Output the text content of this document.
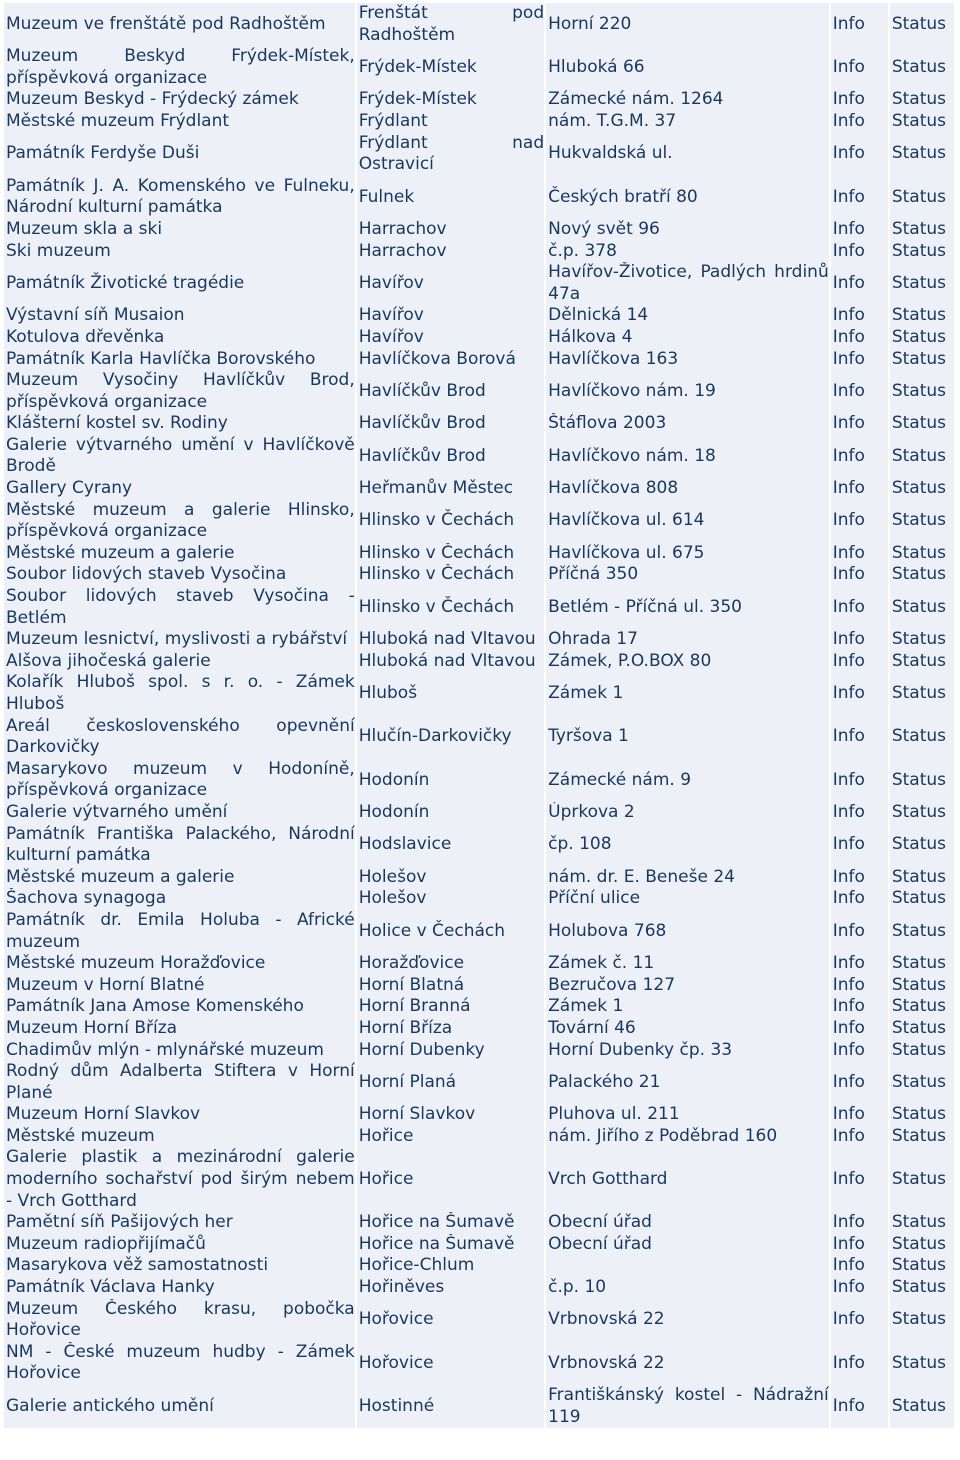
Muzeum ve frenštátě pod Radhoštěm	Frenštát pod Radhoštěm	Horní 220	Info	Status
Muzeum Beskyd Frýdek-Místek, příspěvková organizace	Frýdek-Místek	Hluboká 66	Info	Status
Muzeum Beskyd - Frýdecký zámek	Frýdek-Místek	Zámecké nám. 1264	Info	Status
Městské muzeum Frýdlant	Frýdlant	nám. T.G.M. 37	Info	Status
Památník Ferdyše Duši	Frýdlant nad Ostravicí	Hukvaldská ul.	Info	Status
Památník J. A. Komenského ve Fulneku, Národní kulturní památka	Fulnek	Českých bratří 80	Info	Status
Muzeum skla a ski	Harrachov	Nový svět 96	Info	Status
Ski muzeum	Harrachov	č.p. 378	Info	Status
Památník Životické tragédie	Havířov	Havířov-Životice, Padlých hrdinů 47a	Info	Status
Výstavní síň Musaion	Havířov	Dělnická 14	Info	Status
Kotulova dřevěnka	Havířov	Hálkova 4	Info	Status
Památník Karla Havlíčka Borovského	Havlíčkova Borová	Havlíčkova 163	Info	Status
Muzeum Vysočiny Havlíčkův Brod, příspěvková organizace	Havlíčkův Brod	Havlíčkovo nám. 19	Info	Status
Klášterní kostel sv. Rodiny	Havlíčkův Brod	Štáflova 2003	Info	Status
Galerie výtvarného umění v Havlíčkově Brodě	Havlíčkův Brod	Havlíčkovo nám. 18	Info	Status
Gallery Cyrany	Heřmanův Městec	Havlíčkova 808	Info	Status
Městské muzeum a galerie Hlinsko, příspěvková organizace	Hlinsko v Čechách	Havlíčkova ul. 614	Info	Status
Městské muzeum a galerie	Hlinsko v Čechách	Havlíčkova ul. 675	Info	Status
Soubor lidových staveb Vysočina	Hlinsko v Čechách	Příčná 350	Info	Status
Soubor lidových staveb Vysočina - Betlém	Hlinsko v Čechách	Betlém - Příčná ul. 350	Info	Status
Muzeum lesnictví, myslivosti a rybářství	Hluboká nad Vltavou	Ohrada 17	Info	Status
Alšova jihočeská galerie	Hluboká nad Vltavou	Zámek, P.O.BOX 80	Info	Status
Kolařík Hluboš spol. s r. o. - Zámek Hluboš	Hluboš	Zámek 1	Info	Status
Areál československého opevnění Darkovičky	Hlučín-Darkovičky	Tyršova 1	Info	Status
Masarykovo muzeum v Hodoníně, příspěvková organizace	Hodonín	Zámecké nám. 9	Info	Status
Galerie výtvarného umění	Hodonín	Úprkova 2	Info	Status
Památník Františka Palackého, Národní kulturní památka	Hodslavice	čp. 108	Info	Status
Městské muzeum a galerie	Holešov	nám. dr. E. Beneše 24	Info	Status
Šachova synagoga	Holešov	Příční ulice	Info	Status
Památník dr. Emila Holuba - Africké muzeum	Holice v Čechách	Holubova 768	Info	Status
Městské muzeum Horažďovice	Horažďovice	Zámek č. 11	Info	Status
Muzeum v Horní Blatné	Horní Blatná	Bezručova 127	Info	Status
Památník Jana Amose Komenského	Horní Branná	Zámek 1	Info	Status
Muzeum Horní Bříza	Horní Bříza	Tovární 46	Info	Status
Chadimův mlýn - mlynářské muzeum	Horní Dubenky	Horní Dubenky čp. 33	Info	Status
Rodný dům Adalberta Stiftera v Horní Plané	Horní Planá	Palackého 21	Info	Status
Muzeum Horní Slavkov	Horní Slavkov	Pluhova ul. 211	Info	Status
Městské muzeum	Hořice	nám. Jiřího z Poděbrad 160	Info	Status
Galerie plastik a mezinárodní galerie moderního sochařství pod širým nebem - Vrch Gotthard	Hořice	Vrch Gotthard	Info	Status
Pamětní síň Pašijových her	Hořice na Šumavě	Obecní úřad	Info	Status
Muzeum radiopřijímačů	Hořice na Šumavě	Obecní úřad	Info	Status
Masarykova věž samostatnosti	Hořice-Chlum		Info	Status
Památník Václava Hanky	Hořiněves	č.p. 10	Info	Status
Muzeum Českého krasu, pobočka Hořovice	Hořovice	Vrbnovská 22	Info	Status
NM - České muzeum hudby - Zámek Hořovice	Hořovice	Vrbnovská 22	Info	Status
Galerie antického umění	Hostinné	Františkánský kostel - Nádražní 119	Info	Status
